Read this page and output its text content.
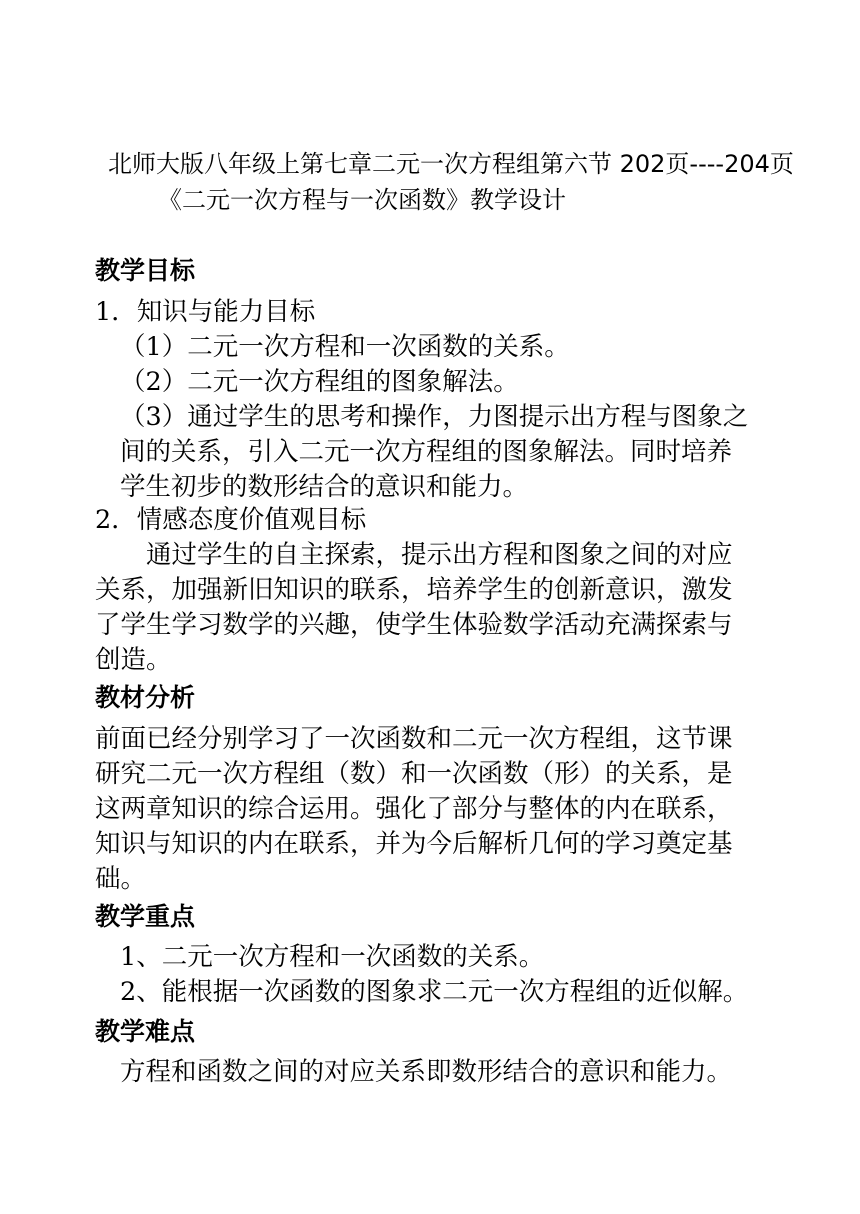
北师大版八年级上第七章二元一次方程组第六节 202页----204页
《二元一次方程与一次函数》教学设计
教学目标
1．知识与能力目标
（1）二元一次方程和一次函数的关系。
（2）二元一次方程组的图象解法。
（3）通过学生的思考和操作，力图提示出方程与图象之
间的关系，引入二元一次方程组的图象解法。同时培养
学生初步的数形结合的意识和能力。
2．情感态度价值观目标
通过学生的自主探索，提示出方程和图象之间的对应
关系，加强新旧知识的联系，培养学生的创新意识，激发
了学生学习数学的兴趣，使学生体验数学活动充满探索与
创造。
教材分析
前面已经分别学习了一次函数和二元一次方程组，这节课
研究二元一次方程组（数）和一次函数（形）的关系，是
这两章知识的综合运用。强化了部分与整体的内在联系，
知识与知识的内在联系，并为今后解析几何的学习奠定基
础。
教学重点
1、二元一次方程和一次函数的关系。
2、能根据一次函数的图象求二元一次方程组的近似解。
教学难点
方程和函数之间的对应关系即数形结合的意识和能力。
